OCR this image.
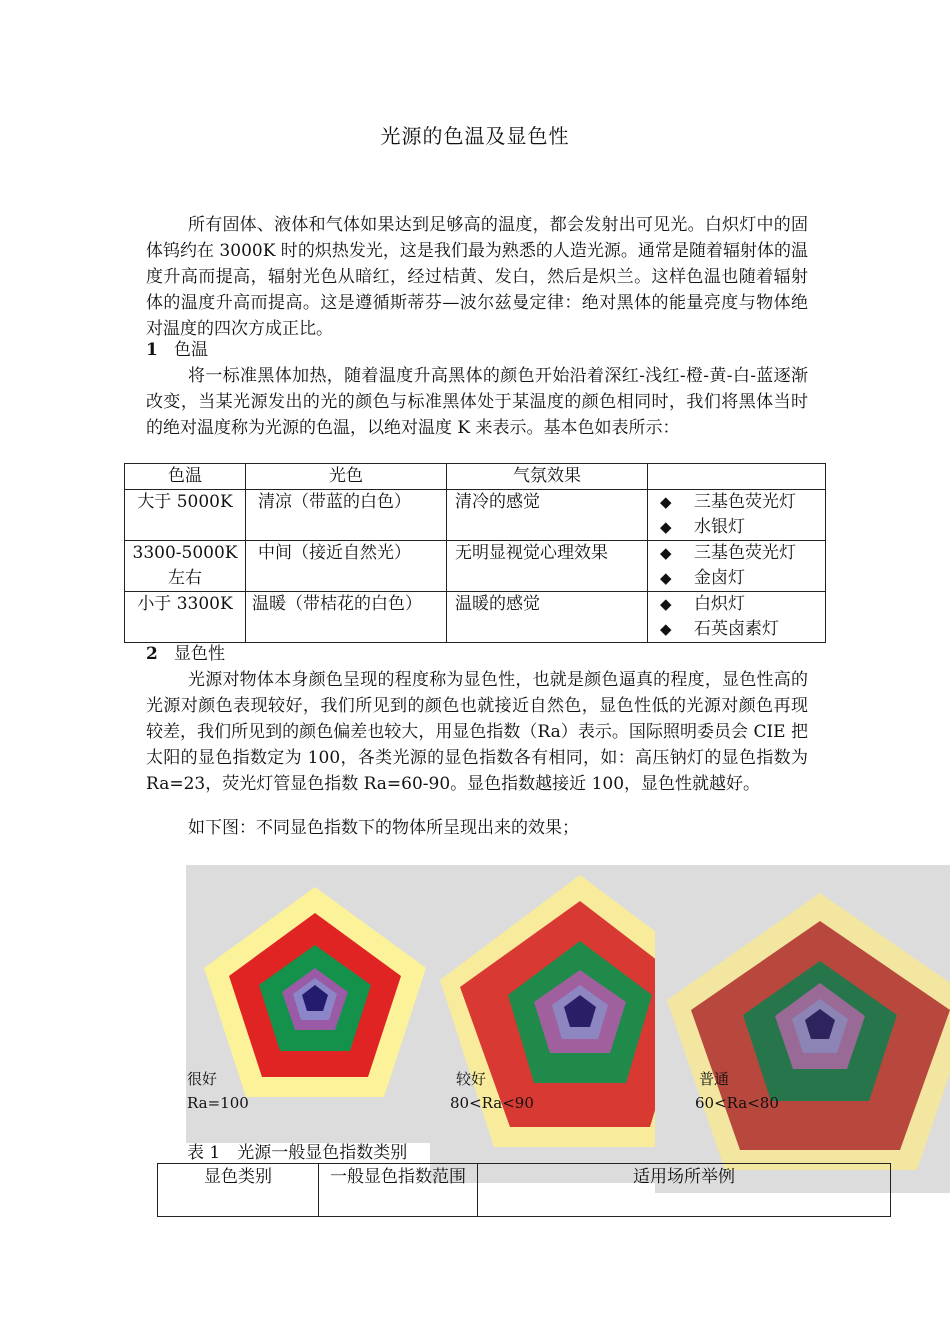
光源的色温及显色性

所有固体、液体和气体如果达到足够高的温度，都会发射出可见光。白炽灯中的固体钨约在 3000K 时的炽热发光，这是我们最为熟悉的人造光源。通常是随着辐射体的温度升高而提高，辐射光色从暗红，经过桔黄、发白，然后是炽兰。这样色温也随着辐射体的温度升高而提高。这是遵循斯蒂芬—波尔兹曼定律：绝对黑体的能量亮度与物体绝对温度的四次方成正比。

1 色温

将一标准黑体加热，随着温度升高黑体的颜色开始沿着深红-浅红-橙-黄-白-蓝逐渐改变，当某光源发出的光的颜色与标准黑体处于某温度的颜色相同时，我们将黑体当时的绝对温度称为光源的色温，以绝对温度 K 来表示。基本色如表所示：

色温	光色	气氛效果	
大于 5000K	清凉（带蓝的白色）	清冷的感觉	◆ 三基色荧光灯
◆ 水银灯

3300-5000K 左右	中间（接近自然光）	无明显视觉心理效果	◆ 三基色荧光灯
◆ 金卤灯

小于 3300K	温暖（带桔花的白色）	温暖的感觉	◆ 白炽灯
◆ 石英卤素灯
2 显色性

光源对物体本身颜色呈现的程度称为显色性，也就是颜色逼真的程度，显色性高的光源对颜色表现较好，我们所见到的颜色也就接近自然色，显色性低的光源对颜色再现较差，我们所见到的颜色偏差也较大，用显色指数（Ra）表示。国际照明委员会 CIE 把太阳的显色指数定为 100，各类光源的显色指数各有相同，如：高压钠灯的显色指数为 Ra=23，荧光灯管显色指数 Ra=60-90。显色指数越接近 100，显色性就越好。

如下图：不同显色指数下的物体所呈现出来的效果；

很好
Ra=100
较好
80<Ra<90
普通
60<Ra<80
表 1　光源一般显色指数类别
显色类别	一般显色指数范围	适用场所举例
